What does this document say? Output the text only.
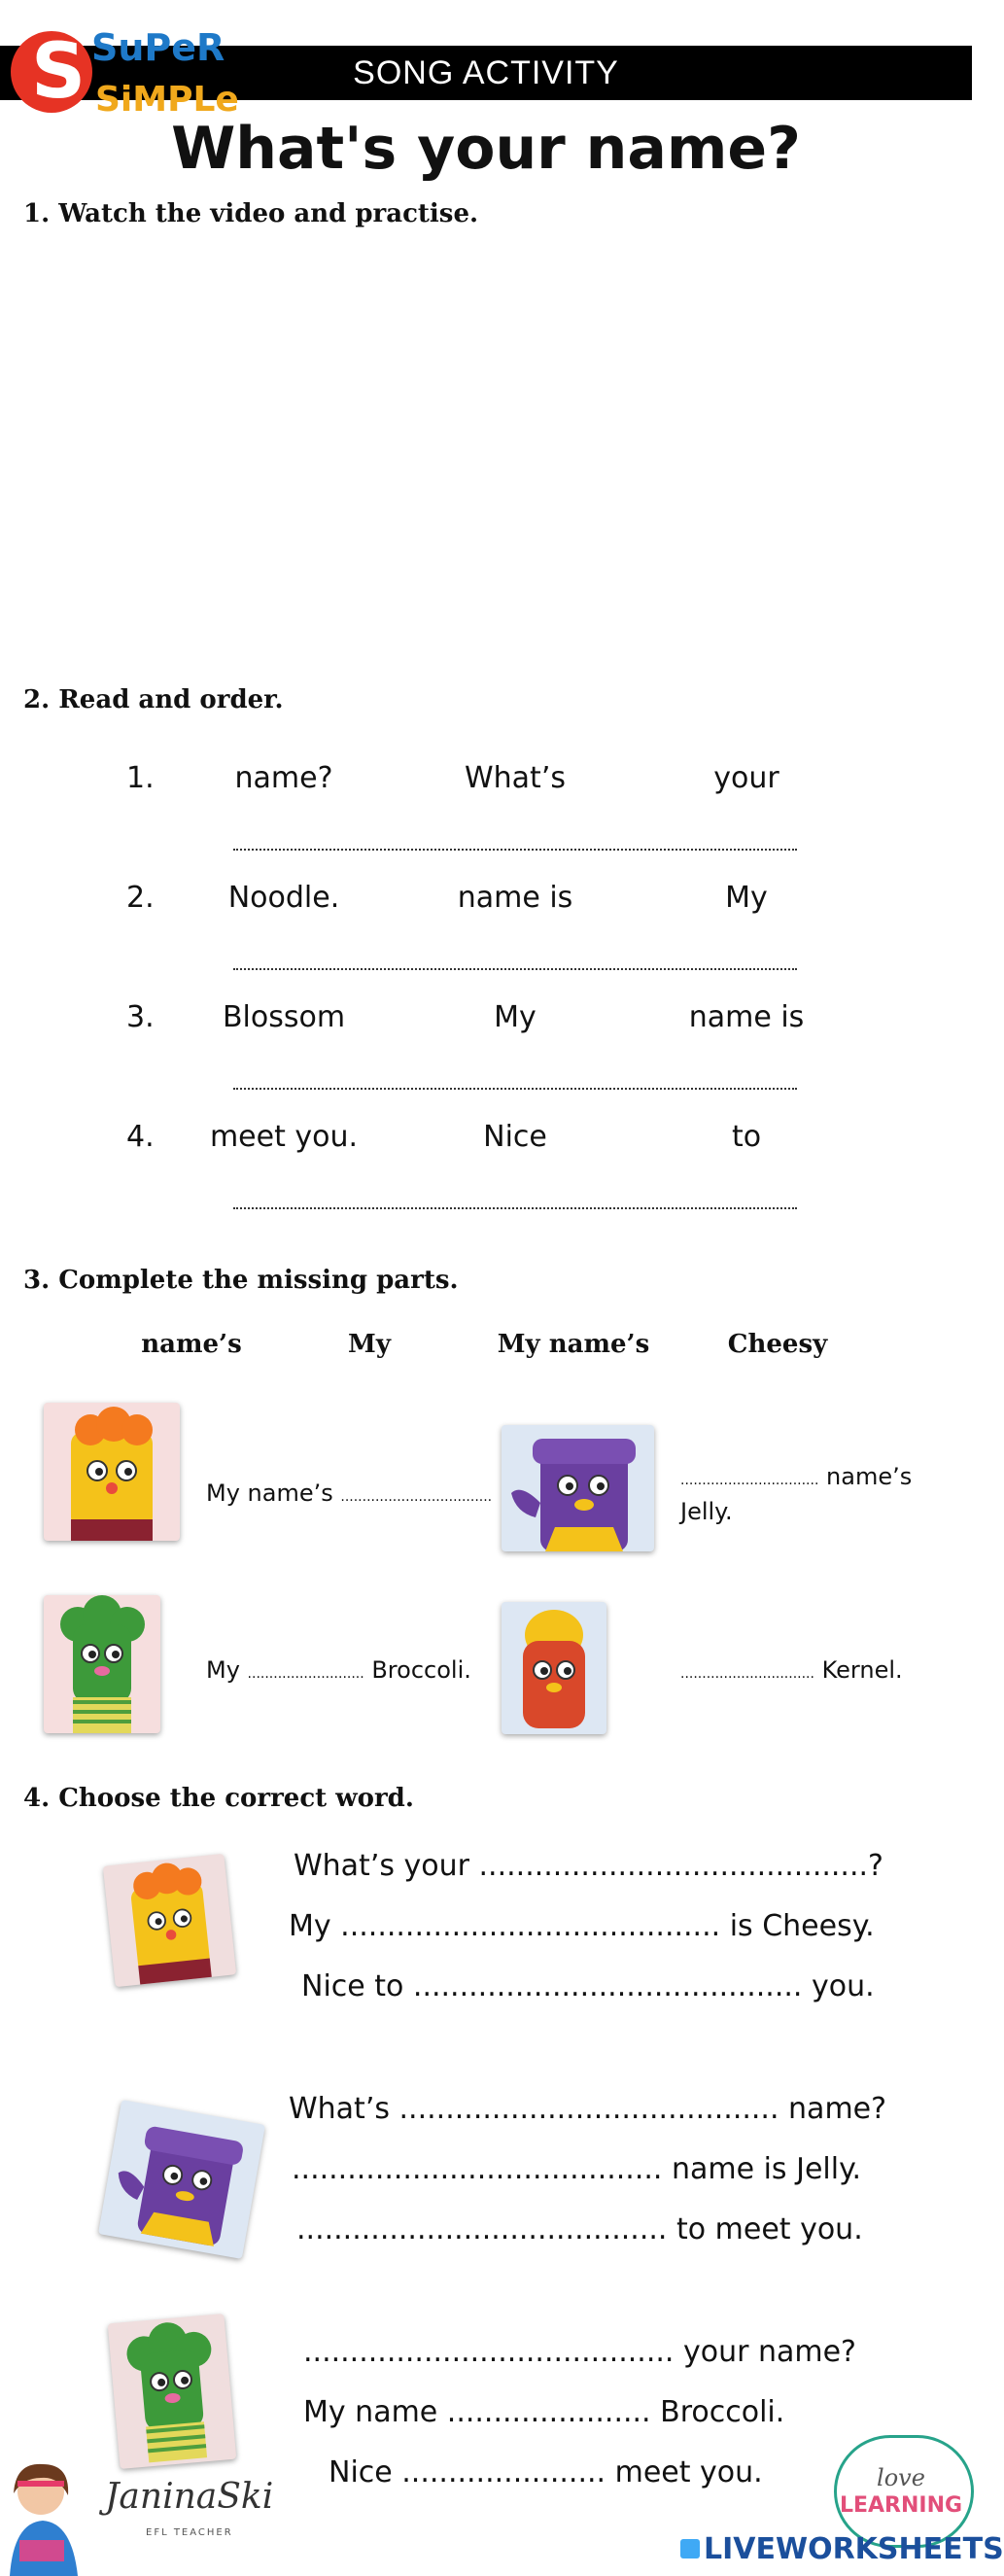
SONG ACTIVITY
S SuPeR
SiMPLe
What's your name?
1. Watch the video and practise.
2. Read and order.
1.	name?	What’s	your
2.	Noodle.	name is	My
3.	Blossom	My	name is
4. meet you.	Nice	to
3. Complete the missing parts.
name’s	My	My name’s	Cheesy
My name’s ...................................
................................ name’s Jelly.
My ........................... Broccoli.	............................... Kernel.
4. Choose the correct word.
What’s your ..........................................?
My ......................................... is Cheesy.
Nice to .......................................... you.
What’s ......................................... name?
........................................ name is Jelly.
........................................ to meet you.
........................................ your name?
My name ...................... Broccoli.
Nice ...................... meet you.
JaninaSki
EFL TEACHER
love
LEARNING
LIVEWORKSHEETS
